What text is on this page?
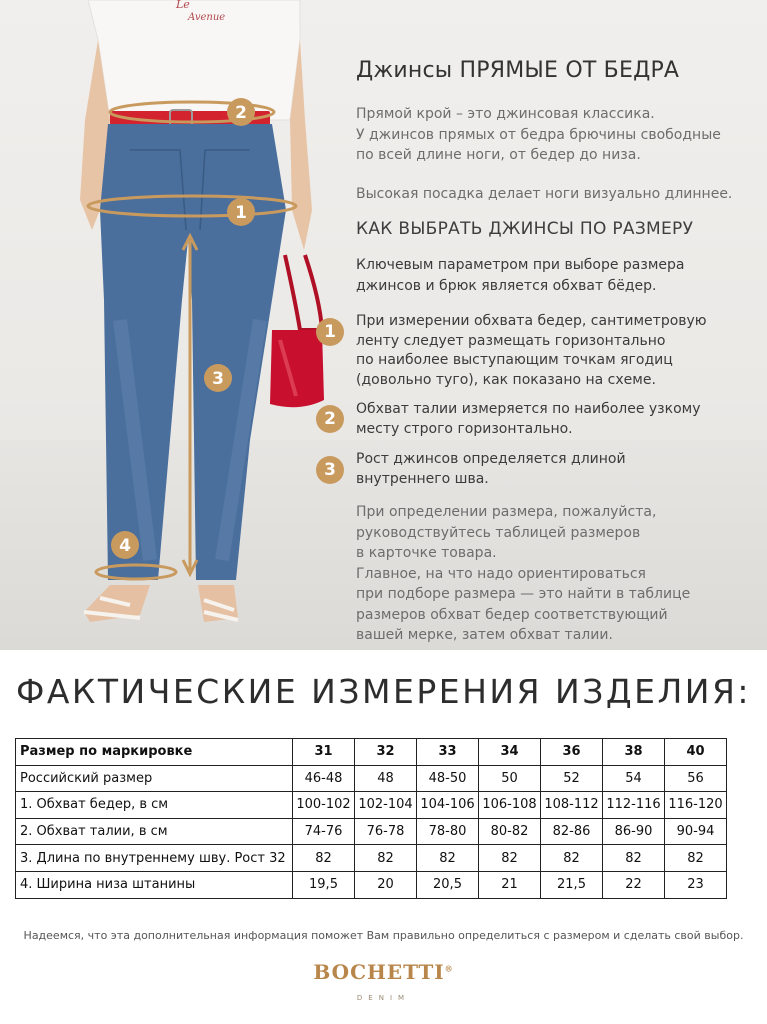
Le
Avenue
2
1
3
4
Джинсы ПРЯМЫЕ ОТ БЕДРА
Прямой крой – это джинсовая классика.
У джинсов прямых от бедра брючины свободные
по всей длине ноги, от бедер до низа.
Высокая посадка делает ноги визуально длиннее.
КАК ВЫБРАТЬ ДЖИНСЫ ПО РАЗМЕРУ
Ключевым параметром при выборе размера
джинсов и брюк является обхват бёдер.
1
При измерении обхвата бедер, сантиметровую
ленту следует размещать горизонтально
по наиболее выступающим точкам ягодиц
(довольно туго), как показано на схеме.
2	Обхват талии измеряется по наиболее узкому
месту строго горизонтально.
3
Рост джинсов определяется длиной
внутреннего шва.
При определении размера, пожалуйста,
руководствуйтесь таблицей размеров
в карточке товара.
Главное, на что надо ориентироваться
при подборе размера — это найти в таблице
размеров обхват бедер соответствующий
вашей мерке, затем обхват талии.
ФАКТИЧЕСКИЕ ИЗМЕРЕНИЯ ИЗДЕЛИЯ:
Размер по маркировке	31	32	33	34	36	38	40
Российский размер	46-48	48	48-50	50	52	54	56
1. Обхват бедер, в см	100-102	102-104	104-106	106-108	108-112	112-116	116-120
2. Обхват талии, в см	74-76	76-78	78-80	80-82	82-86	86-90	90-94
3. Длина по внутреннему шву. Рост 32	82	82	82	82	82	82	82
4. Ширина низа штанины	19,5	20	20,5	21	21,5	22	23
Надеемся, что эта дополнительная информация поможет Вам правильно определиться с размером и сделать свой выбор.
BOCHETTI®
DENIM
